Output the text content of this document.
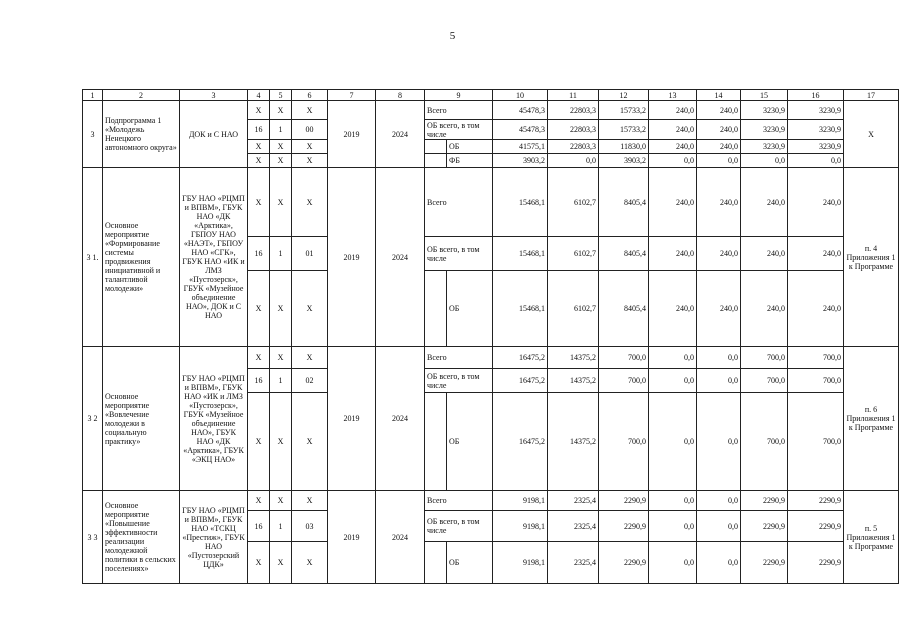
5
1	2	3	4	5	6	7	8	9		10	11	12	13	14	15	16	17
3	Подпрограмма 1 «Молодежь Ненецкого автономного округа»	ДОК и С НАО	Х	Х	Х	2019	2024	Всего		45478,3	22803,3	15733,2	240,0	240,0	3230,9	3230,9	Х
			16	1	00			ОБ всего, в том числе		45478,3	22803,3	15733,2	240,0	240,0	3230,9	3230,9	
			Х	Х	Х				ОБ	41575,1	22803,3	11830,0	240,0	240,0	3230,9	3230,9	
			Х	Х	Х				ФБ	3903,2	0,0	3903,2	0,0	0,0	0,0	0,0	
3 1.	Основное мероприятие «Формирование системы продвижения инициативной и талантливой молодежи»	ГБУ НАО «РЦМП и ВПВМ», ГБУК НАО «ДК «Арктика», ГБПОУ НАО «НАЭТ», ГБПОУ НАО «СГК», ГБУК НАО «ИК и ЛМЗ «Пустозерск», ГБУК «Музейное объединение НАО», ДОК и С НАО	Х	Х	Х	2019	2024	Всего		15468,1	6102,7	8405,4	240,0	240,0	240,0	240,0	п. 4 Приложения 1 к Программе
			16	1	01			ОБ всего, в том числе		15468,1	6102,7	8405,4	240,0	240,0	240,0	240,0	
			Х	Х	Х				ОБ	15468,1	6102,7	8405,4	240,0	240,0	240,0	240,0	
3 2	Основное мероприятие «Вовлечение молодежи в социальную практику»	ГБУ НАО «РЦМП и ВПВМ», ГБУК НАО «ИК и ЛМЗ «Пустозерск», ГБУК «Музейное объединение НАО», ГБУК НАО «ДК «Арктика», ГБУК «ЭКЦ НАО»	Х	Х	Х	2019	2024	Всего		16475,2	14375,2	700,0	0,0	0,0	700,0	700,0	п. 6 Приложения 1 к Программе
			16	1	02			ОБ всего, в том числе		16475,2	14375,2	700,0	0,0	0,0	700,0	700,0	
			Х	Х	Х				ОБ	16475,2	14375,2	700,0	0,0	0,0	700,0	700,0	
3 3	Основное мероприятие «Повышение эффективности реализации молодежной политики в сельских поселениях»	ГБУ НАО «РЦМП и ВПВМ», ГБУК НАО «ТСКЦ «Престиж», ГБУК НАО «Пустозерский ЦДК»	Х	Х	Х	2019	2024	Всего		9198,1	2325,4	2290,9	0,0	0,0	2290,9	2290,9	п. 5 Приложения 1 к Программе
			16	1	03			ОБ всего, в том числе		9198,1	2325,4	2290,9	0,0	0,0	2290,9	2290,9	
			Х	Х	Х				ОБ	9198,1	2325,4	2290,9	0,0	0,0	2290,9	2290,9	
